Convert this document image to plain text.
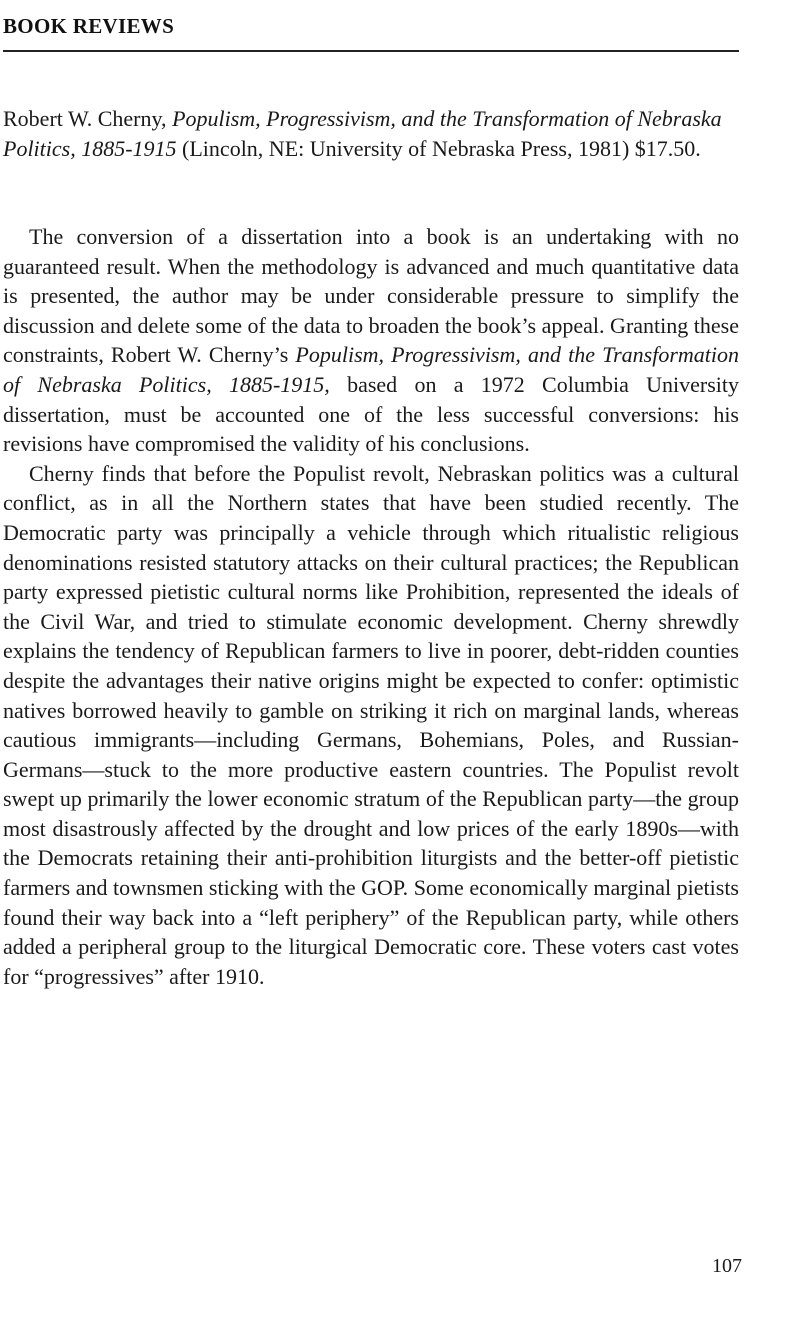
BOOK REVIEWS
Robert W. Cherny, Populism, Progressivism, and the Transformation of Nebraska Politics, 1885-1915 (Lincoln, NE: University of Nebraska Press, 1981) $17.50.

The conversion of a dissertation into a book is an undertaking with no guaranteed result. When the methodology is advanced and much quantitative data is presented, the author may be under considerable pressure to simplify the discussion and delete some of the data to broaden the book’s appeal. Granting these constraints, Robert W. Cherny’s Populism, Progressivism, and the Transformation of Nebraska Politics, 1885-1915, based on a 1972 Columbia University dissertation, must be accounted one of the less successful conversions: his revisions have compromised the validity of his conclusions.

Cherny finds that before the Populist revolt, Nebraskan politics was a cultural conflict, as in all the Northern states that have been studied recently. The Democratic party was principally a vehicle through which ritualistic religious denominations resisted statutory attacks on their cultural practices; the Republican party expressed pietistic cultural norms like Prohibition, represented the ideals of the Civil War, and tried to stimulate economic development. Cherny shrewdly explains the tendency of Republican farmers to live in poorer, debt-ridden counties despite the advantages their native origins might be expected to confer: optimistic natives borrowed heavily to gamble on striking it rich on marginal lands, whereas cautious immigrants—including Germans, Bohemians, Poles, and Russian-Germans—stuck to the more productive eastern countries. The Populist revolt swept up primarily the lower economic stratum of the Republican party—the group most disastrously affected by the drought and low prices of the early 1890s—with the Democrats retaining their anti-prohibition liturgists and the better-off pietistic farmers and townsmen sticking with the GOP. Some economically marginal pietists found their way back into a “left periphery” of the Republican party, while others added a peripheral group to the liturgical Democratic core. These voters cast votes for “progressives” after 1910.

107
